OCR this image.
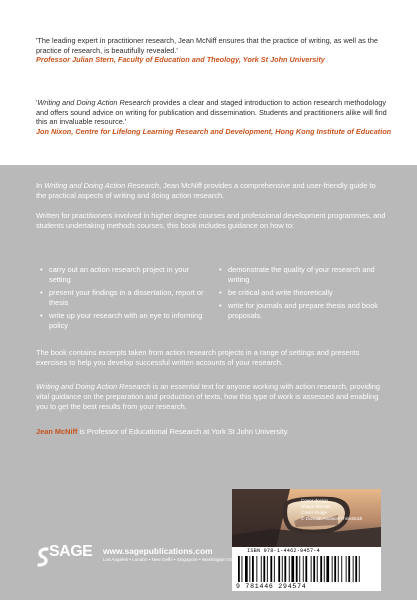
'The leading expert in practitioner research, Jean McNiff ensures that the practice of writing, as well as the practice of research, is beautifully revealed.'
Professor Julian Stern, Faculty of Education and Theology, York St John University
'Writing and Doing Action Research provides a clear and staged introduction to action research methodology and offers sound advice on writing for publication and dissemination. Students and practitioners alike will find this an invaluable resource.'
Jon Nixon, Centre for Lifelong Learning Research and Development, Hong Kong Institute of Education
In Writing and Doing Action Research, Jean McNiff provides a comprehensive and user-friendly guide to the practical aspects of writing and doing action research.
Written for practitioners involved in higher degree courses and professional development programmes, and students undertaking methods courses, this book includes guidance on how to:
• carry out an action research project in your setting
• present your findings in a dissertation, report or thesis
• write up your research with an eye to informing policy
• demonstrate the quality of your research and writing
• be critical and write theoretically
• write for journals and prepare thesis and book proposals.
The book contains excerpts taken from action research projects in a range of settings and presents exercises to help you develop successful written accounts of your research.
Writing and Doing Action Research is an essential text for anyone working with action research, providing vital guidance on the preparation and production of texts, how this type of work is assessed and enabling you to get the best results from your research.
Jean McNiff is Professor of Educational Research at York St John University.
Cover design
Shaun Mercier
Cover image
© Duncan Andison/Thinkstock
ISBN 978-1-4462-9457-4
9 781446 294574
SAGE www.sagepublications.com
Los Angeles • London • New Delhi • Singapore • Washington DC
